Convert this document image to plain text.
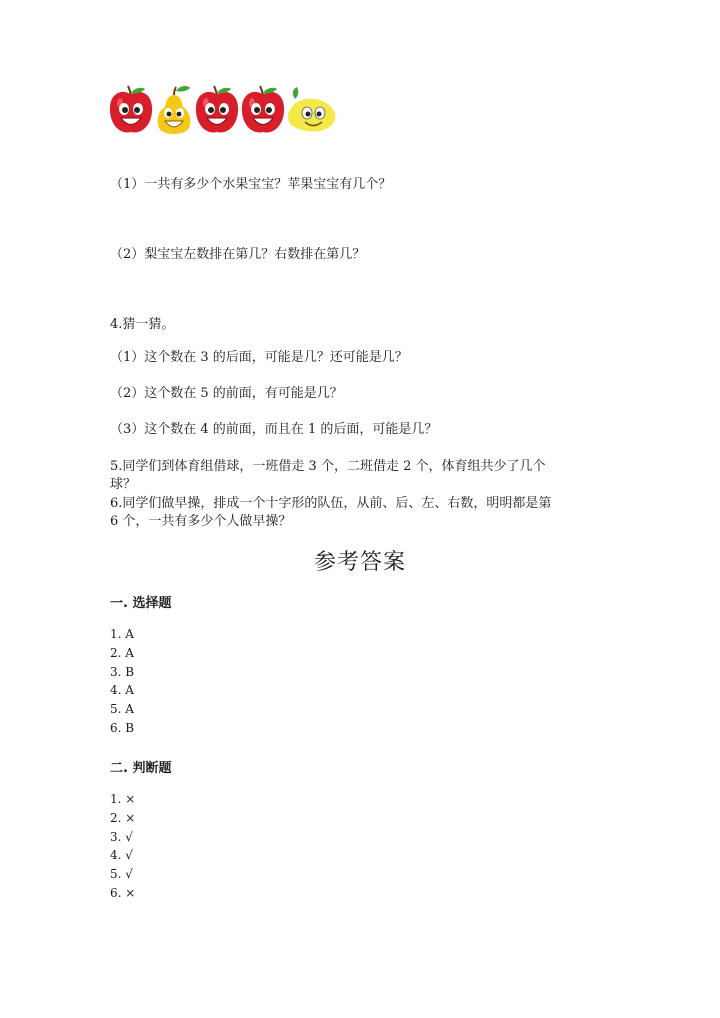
（1）一共有多少个水果宝宝？苹果宝宝有几个？
（2）梨宝宝左数排在第几？右数排在第几？
4.猜一猜。
（1）这个数在 3 的后面，可能是几？还可能是几？
（2）这个数在 5 的前面，有可能是几？
（3）这个数在 4 的前面，而且在 1 的后面，可能是几？
5.同学们到体育组借球，一班借走 3 个，二班借走 2 个，体育组共少了几个
球？
6.同学们做早操，排成一个十字形的队伍，从前、后、左、右数，明明都是第
6 个，一共有多少个人做早操？
参考答案
一. 选择题
1. A
2. A
3. B
4. A
5. A
6. B
二. 判断题
1. ×
2. ×
3. √
4. √
5. √
6. ×
